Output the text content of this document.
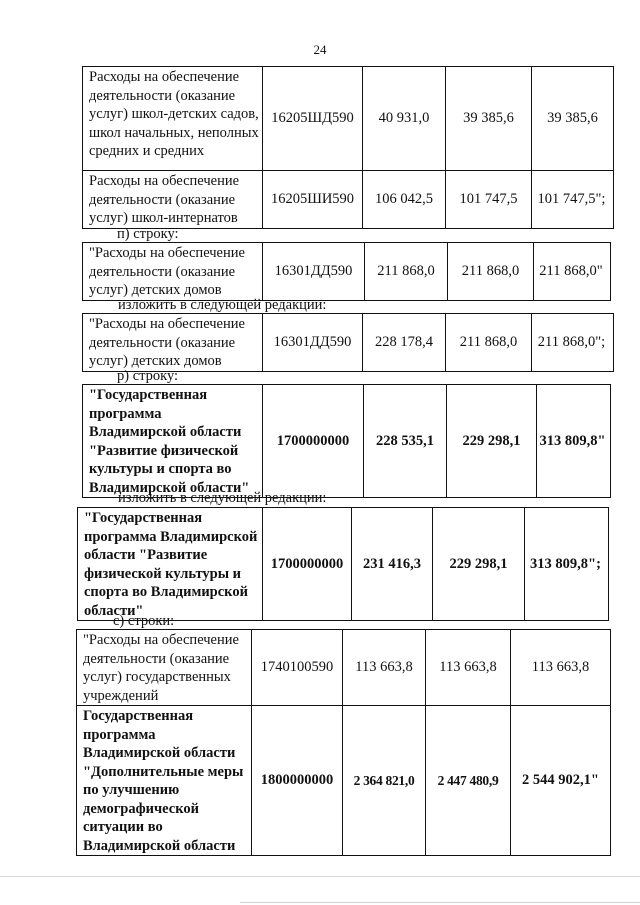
24
Расходы на обеспечение деятельности (оказание услуг) школ-детских садов, школ начальных, неполных средних и средних	16205ШД590	40 931,0	39 385,6	39 385,6
Расходы на обеспечение деятельности (оказание услуг) школ-интернатов	16205ШИ590	106 042,5	101 747,5	101 747,5";
п) строку:
"Расходы на обеспечение деятельности (оказание услуг) детских домов	16301ДД590	211 868,0	211 868,0	211 868,0"
изложить в следующей редакции:
"Расходы на обеспечение деятельности (оказание услуг) детских домов	16301ДД590	228 178,4	211 868,0	211 868,0";
р) строку:
"Государственная программа Владимирской области "Развитие физической культуры и спорта во Владимирской области"	1700000000	228 535,1	229 298,1	313 809,8"
изложить в следующей редакции:
"Государственная программа Владимирской области "Развитие физической культуры и спорта во Владимирской области"	1700000000	231 416,3	229 298,1	313 809,8";
с) строки:
"Расходы на обеспечение деятельности (оказание услуг) государственных учреждений	1740100590	113 663,8	113 663,8	113 663,8
Государственная программа Владимирской области "Дополнительные меры по улучшению демографической ситуации во Владимирской области	1800000000	2 364 821,0	2 447 480,9	2 544 902,1"
